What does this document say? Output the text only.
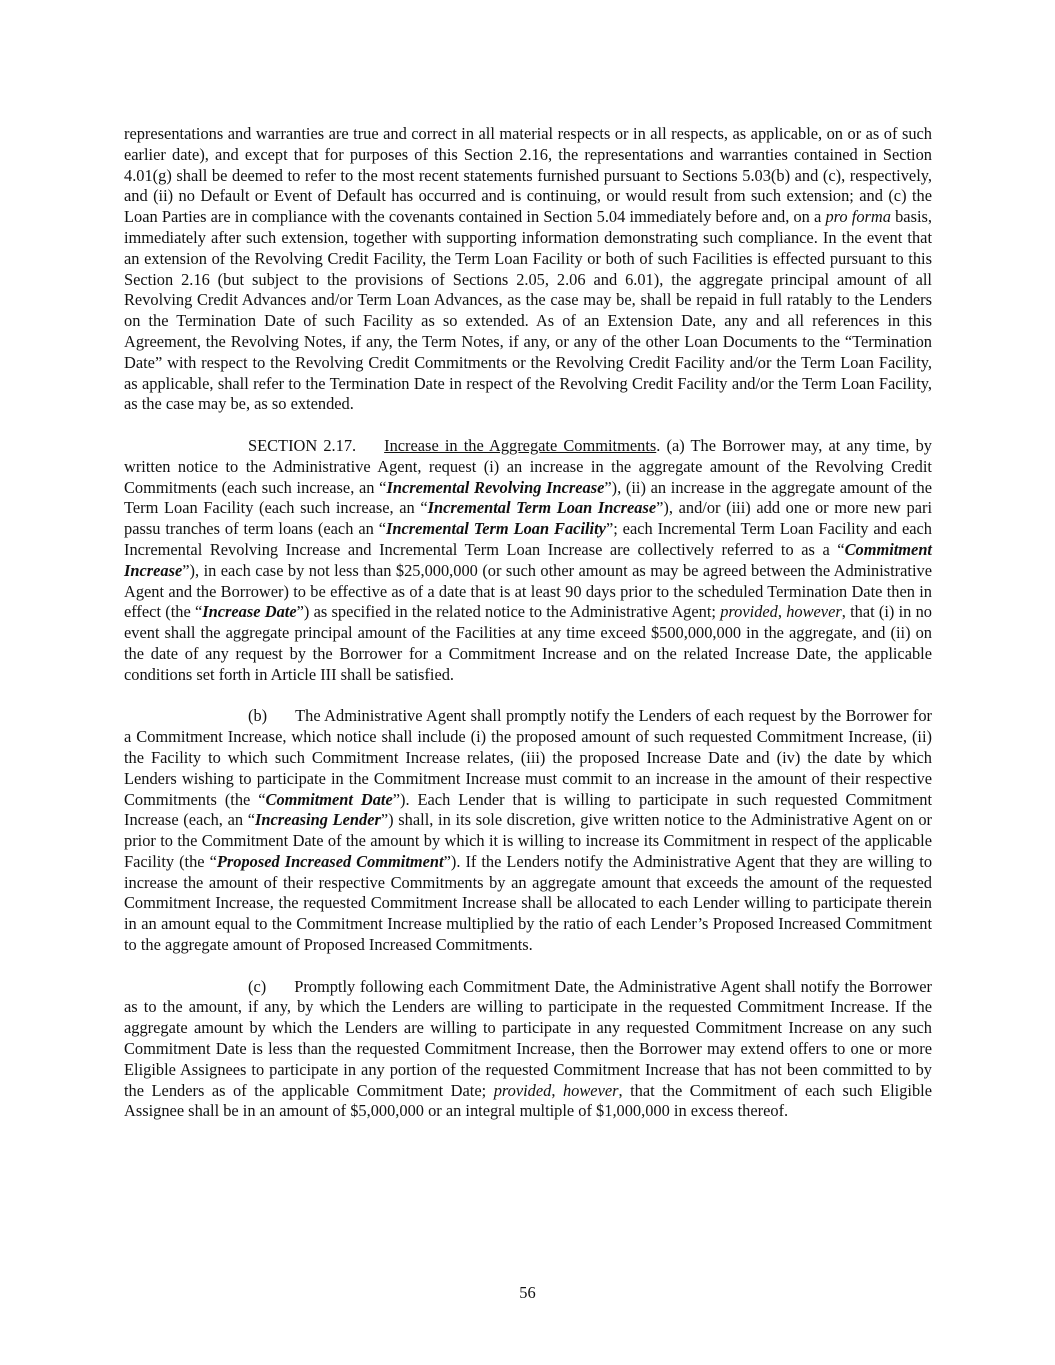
representations and warranties are true and correct in all material respects or in all respects, as applicable, on or as of such earlier date), and except that for purposes of this Section 2.16, the representations and warranties contained in Section 4.01(g) shall be deemed to refer to the most recent statements furnished pursuant to Sections 5.03(b) and (c), respectively, and (ii) no Default or Event of Default has occurred and is continuing, or would result from such extension; and (c) the Loan Parties are in compliance with the covenants contained in Section 5.04 immediately before and, on a pro forma basis, immediately after such extension, together with supporting information demonstrating such compliance. In the event that an extension of the Revolving Credit Facility, the Term Loan Facility or both of such Facilities is effected pursuant to this Section 2.16 (but subject to the provisions of Sections 2.05, 2.06 and 6.01), the aggregate principal amount of all Revolving Credit Advances and/or Term Loan Advances, as the case may be, shall be repaid in full ratably to the Lenders on the Termination Date of such Facility as so extended. As of an Extension Date, any and all references in this Agreement, the Revolving Notes, if any, the Term Notes, if any, or any of the other Loan Documents to the “Termination Date” with respect to the Revolving Credit Commitments or the Revolving Credit Facility and/or the Term Loan Facility, as applicable, shall refer to the Termination Date in respect of the Revolving Credit Facility and/or the Term Loan Facility, as the case may be, as so extended.

SECTION 2.17. Increase in the Aggregate Commitments. (a) The Borrower may, at any time, by written notice to the Administrative Agent, request (i) an increase in the aggregate amount of the Revolving Credit Commitments (each such increase, an “Incremental Revolving Increase”), (ii) an increase in the aggregate amount of the Term Loan Facility (each such increase, an “Incremental Term Loan Increase”), and/or (iii) add one or more new pari passu tranches of term loans (each an “Incremental Term Loan Facility”; each Incremental Term Loan Facility and each Incremental Revolving Increase and Incremental Term Loan Increase are collectively referred to as a “Commitment Increase”), in each case by not less than $25,000,000 (or such other amount as may be agreed between the Administrative Agent and the Borrower) to be effective as of a date that is at least 90 days prior to the scheduled Termination Date then in effect (the “Increase Date”) as specified in the related notice to the Administrative Agent; provided, however, that (i) in no event shall the aggregate principal amount of the Facilities at any time exceed $500,000,000 in the aggregate, and (ii) on the date of any request by the Borrower for a Commitment Increase and on the related Increase Date, the applicable conditions set forth in Article III shall be satisfied.

(b) The Administrative Agent shall promptly notify the Lenders of each request by the Borrower for a Commitment Increase, which notice shall include (i) the proposed amount of such requested Commitment Increase, (ii) the Facility to which such Commitment Increase relates, (iii) the proposed Increase Date and (iv) the date by which Lenders wishing to participate in the Commitment Increase must commit to an increase in the amount of their respective Commitments (the “Commitment Date”). Each Lender that is willing to participate in such requested Commitment Increase (each, an “Increasing Lender”) shall, in its sole discretion, give written notice to the Administrative Agent on or prior to the Commitment Date of the amount by which it is willing to increase its Commitment in respect of the applicable Facility (the “Proposed Increased Commitment”). If the Lenders notify the Administrative Agent that they are willing to increase the amount of their respective Commitments by an aggregate amount that exceeds the amount of the requested Commitment Increase, the requested Commitment Increase shall be allocated to each Lender willing to participate therein in an amount equal to the Commitment Increase multiplied by the ratio of each Lender’s Proposed Increased Commitment to the aggregate amount of Proposed Increased Commitments.

(c) Promptly following each Commitment Date, the Administrative Agent shall notify the Borrower as to the amount, if any, by which the Lenders are willing to participate in the requested Commitment Increase. If the aggregate amount by which the Lenders are willing to participate in any requested Commitment Increase on any such Commitment Date is less than the requested Commitment Increase, then the Borrower may extend offers to one or more Eligible Assignees to participate in any portion of the requested Commitment Increase that has not been committed to by the Lenders as of the applicable Commitment Date; provided, however, that the Commitment of each such Eligible Assignee shall be in an amount of $5,000,000 or an integral multiple of $1,000,000 in excess thereof.

56
